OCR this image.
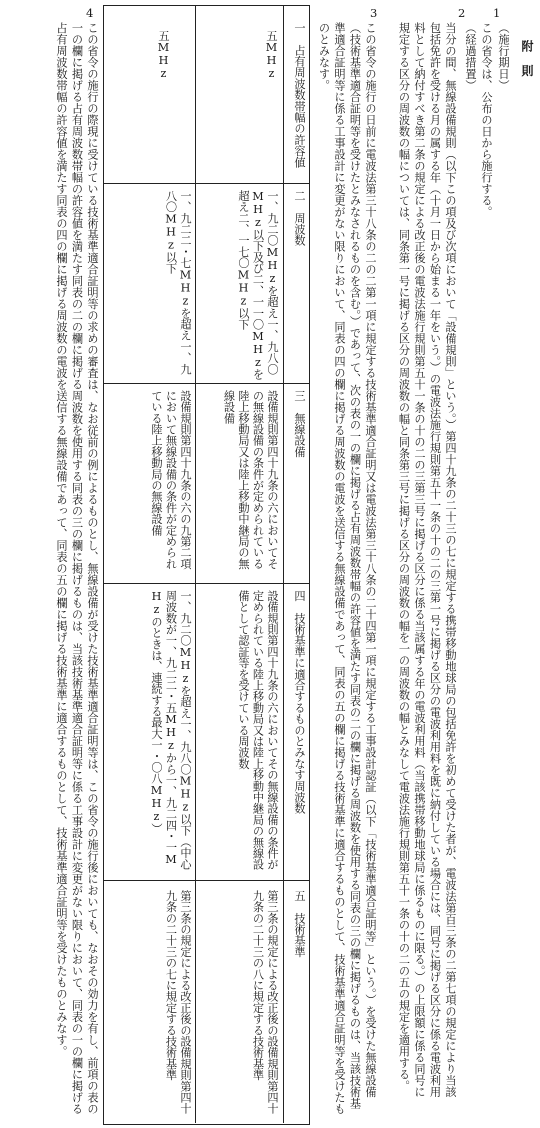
附　則
1
（施行期日）
この省令は、公布の日から施行する。
2
（経過措置）
当分の間、無線設備規則（以下この項及び次項において「設備規則」という。）第四十九条の二十三の七に規定する携帯移動地球局の包括免許を初めて受けた者が、電波法第百三条の二第七項の規定により当該包括免許を受ける月の属する年（十月一日から始まる一年をいう。）の電波法施行規則第五十一条の十の二の三第一号に掲げる区分の電波利用料を既に納付している場合には、同号に掲げる区分に係る電波利用料として納付すべき第二条の規定による改正後の電波法施行規則第五十一条の十の二の三第三号に掲げる区分に係る当該属する年の電波利用料（当該携帯移動地球局に係るものに限る。）の上限額に係る同号に規定する区分の周波数の幅については、同条第一号に掲げる区分の周波数の幅と同条第三号に掲げる区分の周波数の幅を一の周波数の幅とみなして電波法施行規則第五十一条の十の二の五の規定を適用する。
3
この省令の施行の日前に電波法第三十八条の二の二第一項に規定する技術基準適合証明又は電波法第三十八条の二十四第一項に規定する工事設計認証（以下「技術基準適合証明等」という。）を受けた無線設備（技術基準適合証明等を受けたとみなされるものを含む。）であって、次の表の一の欄に掲げる占有周波数帯幅の許容値を満たす同表の二の欄に掲げる周波数を使用する同表の三の欄に掲げるものは、当該技術基準適合証明等に係る工事設計に変更がない限りにおいて、同表の四の欄に掲げる周波数の電波を送信する無線設備であって、同表の五の欄に掲げる技術基準に適合するものとして、技術基準適合証明等を受けたものとみなす。
一　占有周波数帯幅の許容値
二　周波数
三　無線設備
四　技術基準に適合するものとみなす周波数
五　技術基準
五MHz
一、九二〇MHzを超え一、九八〇MHz以下及び二、一一〇MHzを超え二、一七〇MHz以下
設備規則第四十九条の六においてその無線設備の条件が定められている陸上移動局又は陸上移動中継局の無線設備
設備規則第四十九条の六においてその無線設備の条件が定められている陸上移動局又は陸上移動中継局の無線設備として認証等を受けている周波数
第三条の規定による改正後の設備規則第四十九条の二十三の八に規定する技術基準
五MHz
一、九二二・七MHzを超え一、九八〇MHz以下
設備規則第四十九条の六の九第二項において無線設備の条件が定められている陸上移動局の無線設備
一、九二〇MHzを超え一、九八〇MHz以下（中心周波数が一、九二二・五MHzから一、九二四・一MHzのときは、連続する最大一・〇八MHz）
第三条の規定による改正後の設備規則第四十九条の二十三の七に規定する技術基準
4
この省令の施行の際現に受けている技術基準適合証明等の求めの審査は、なお従前の例によるものとし、無線設備が受けた技術基準適合証明等は、この省令の施行後においても、なおその効力を有し、前項の表の一の欄に掲げる占有周波数帯幅の許容値を満たす同表の二の欄に掲げる周波数を使用する同表の三の欄に掲げるものは、当該技術基準適合証明等に係る工事設計に変更がない限りにおいて、同表の一の欄に掲げる占有周波数帯幅の許容値を満たす同表の四の欄に掲げる周波数の電波を送信する無線設備であって、同表の五の欄に掲げる技術基準に適合するものとして、技術基準適合証明等を受けたものとみなす。
